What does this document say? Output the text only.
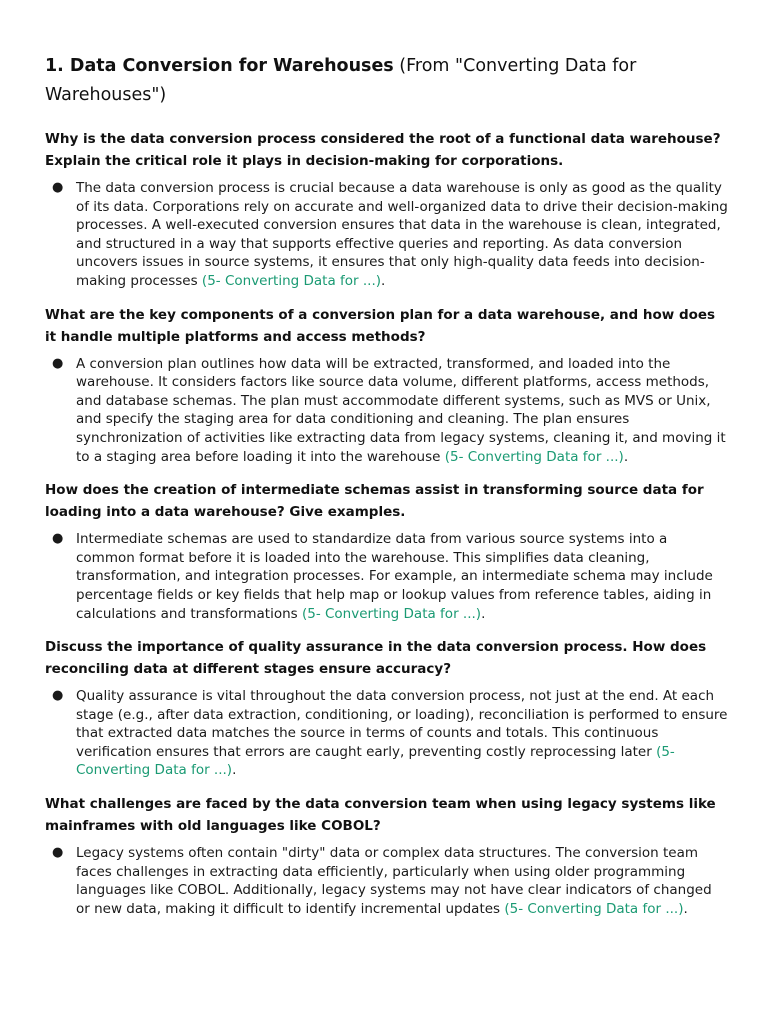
1. Data Conversion for Warehouses (From "Converting Data for Warehouses")

Why is the data conversion process considered the root of a functional data warehouse? Explain the critical role it plays in decision-making for corporations.

● The data conversion process is crucial because a data warehouse is only as good as the quality of its data. Corporations rely on accurate and well-organized data to drive their decision-making processes. A well-executed conversion ensures that data in the warehouse is clean, integrated, and structured in a way that supports effective queries and reporting. As data conversion uncovers issues in source systems, it ensures that only high-quality data feeds into decision-making processes (5- Converting Data for ...).

What are the key components of a conversion plan for a data warehouse, and how does it handle multiple platforms and access methods?

● A conversion plan outlines how data will be extracted, transformed, and loaded into the warehouse. It considers factors like source data volume, different platforms, access methods, and database schemas. The plan must accommodate different systems, such as MVS or Unix, and specify the staging area for data conditioning and cleaning. The plan ensures synchronization of activities like extracting data from legacy systems, cleaning it, and moving it to a staging area before loading it into the warehouse (5- Converting Data for ...).

How does the creation of intermediate schemas assist in transforming source data for loading into a data warehouse? Give examples.

● Intermediate schemas are used to standardize data from various source systems into a common format before it is loaded into the warehouse. This simplifies data cleaning, transformation, and integration processes. For example, an intermediate schema may include percentage fields or key fields that help map or lookup values from reference tables, aiding in calculations and transformations (5- Converting Data for ...).

Discuss the importance of quality assurance in the data conversion process. How does reconciling data at different stages ensure accuracy?

● Quality assurance is vital throughout the data conversion process, not just at the end. At each stage (e.g., after data extraction, conditioning, or loading), reconciliation is performed to ensure that extracted data matches the source in terms of counts and totals. This continuous verification ensures that errors are caught early, preventing costly reprocessing later (5- Converting Data for ...).

What challenges are faced by the data conversion team when using legacy systems like mainframes with old languages like COBOL?

● Legacy systems often contain "dirty" data or complex data structures. The conversion team faces challenges in extracting data efficiently, particularly when using older programming languages like COBOL. Additionally, legacy systems may not have clear indicators of changed or new data, making it difficult to identify incremental updates (5- Converting Data for ...).
